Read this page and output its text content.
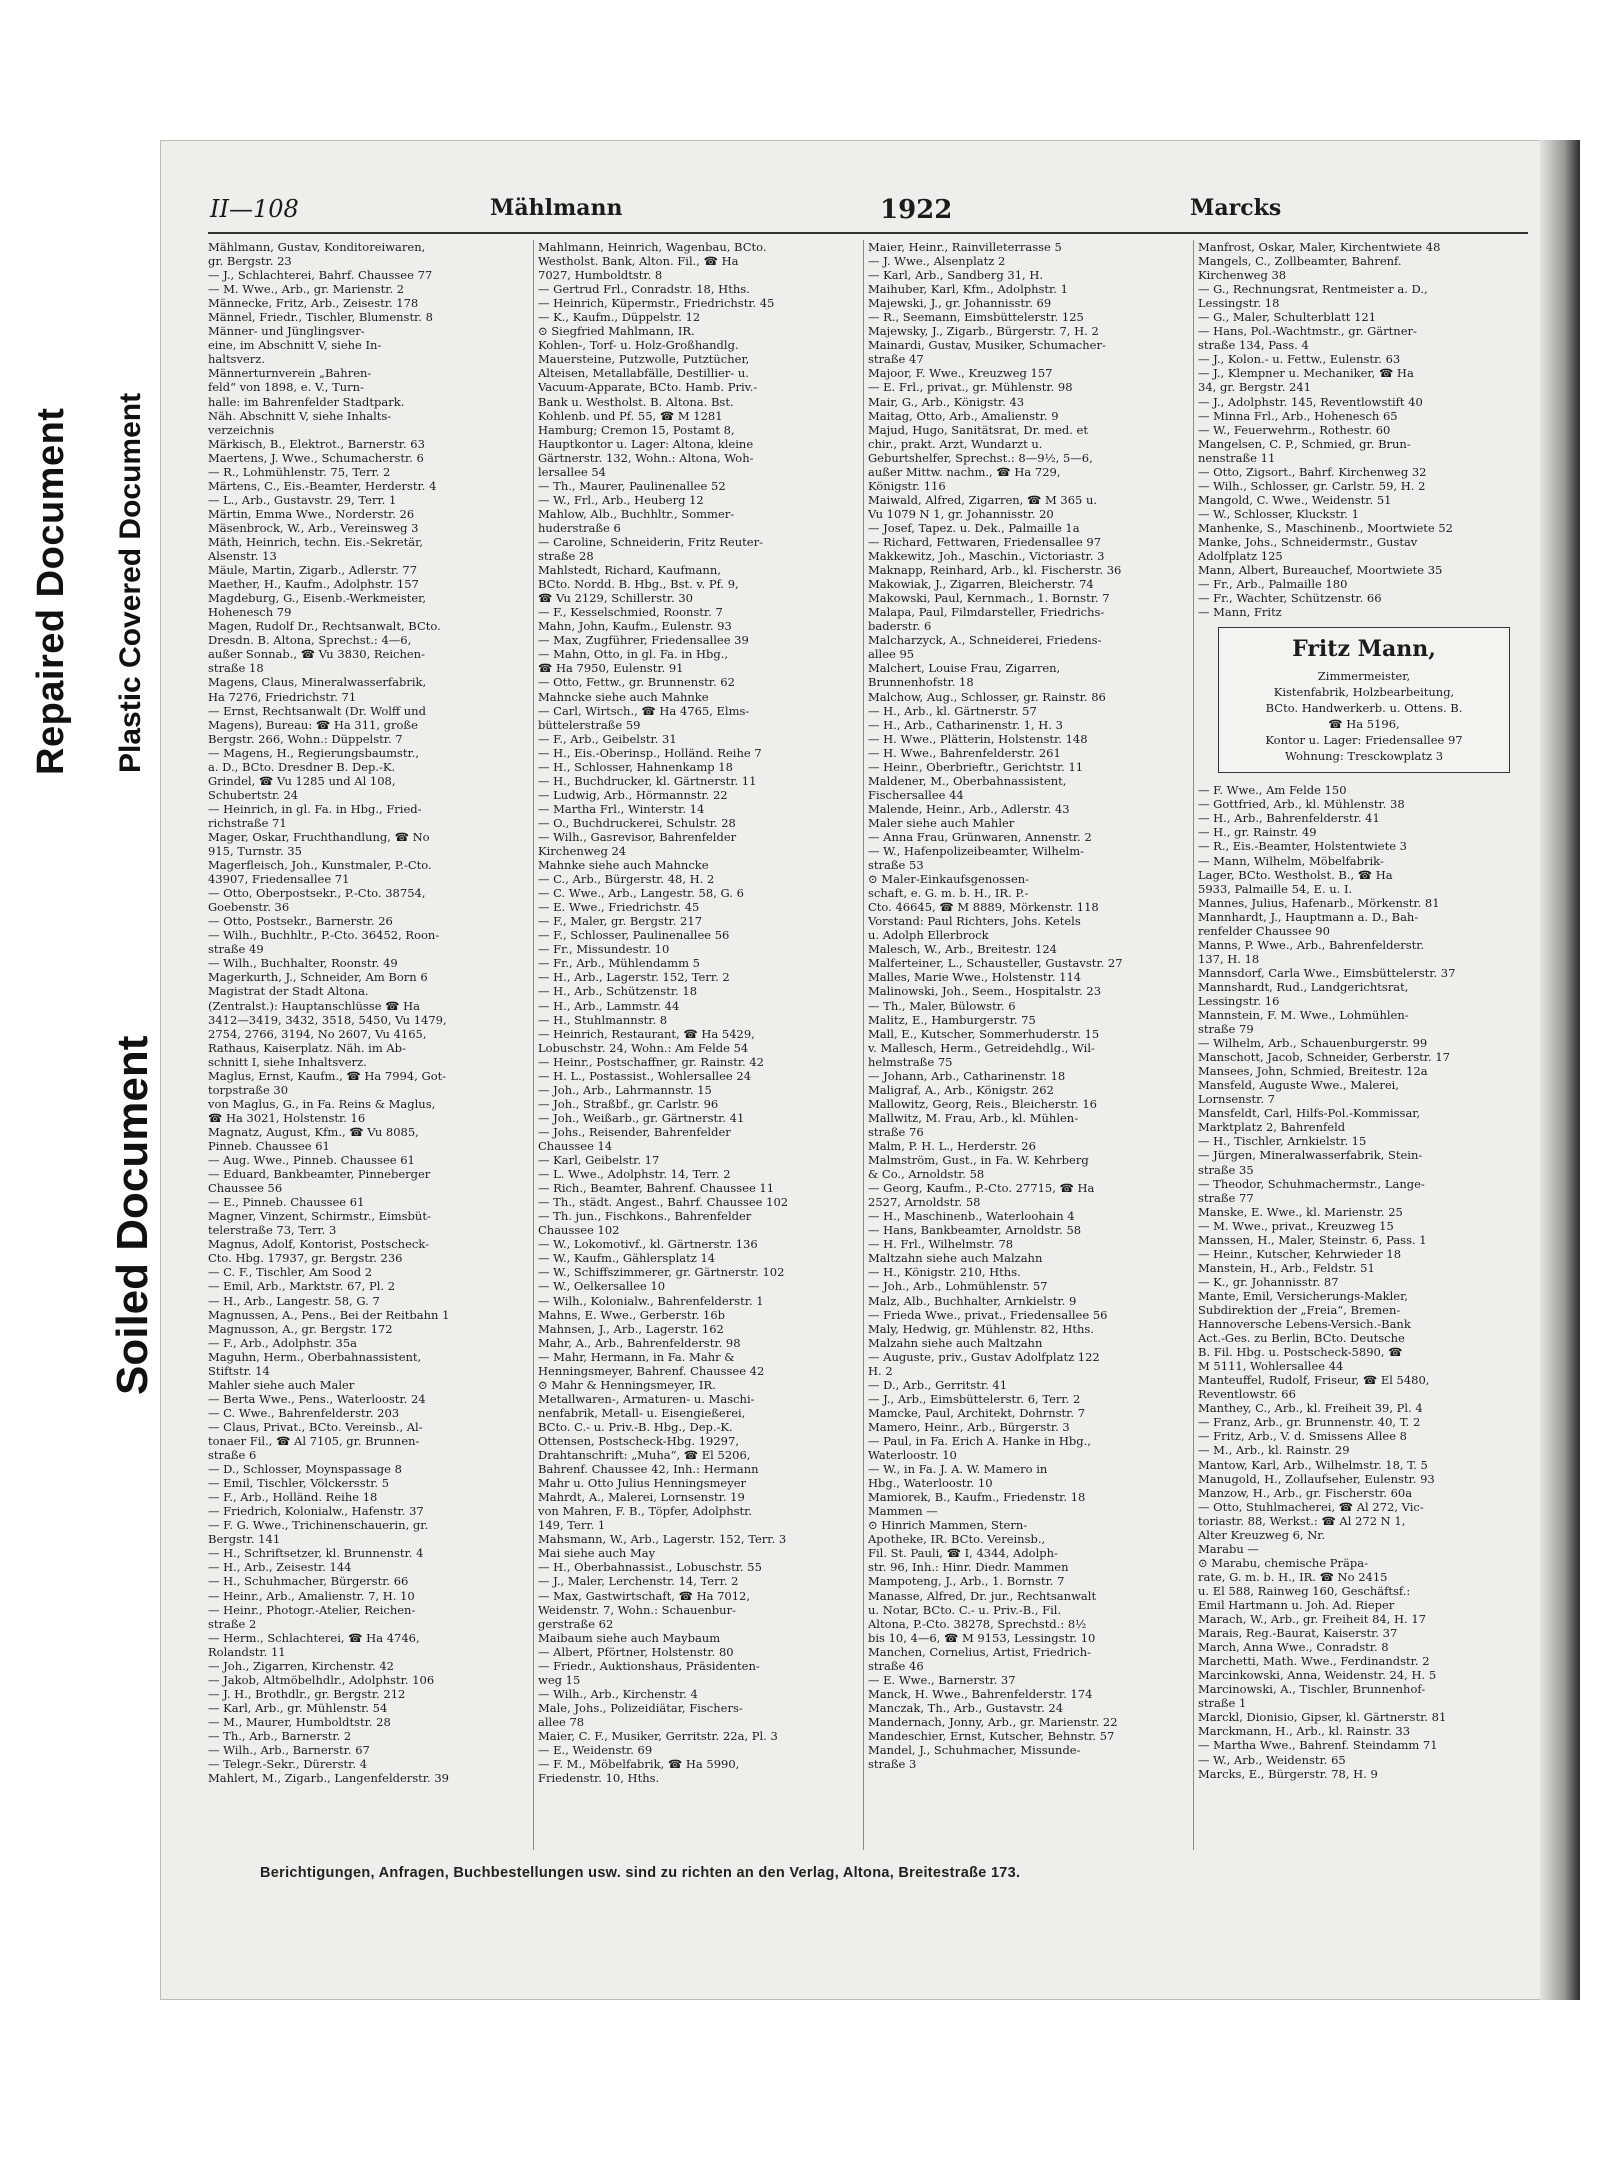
Repaired Document Plastic Covered Document
Soiled Document
II—108	Mählmann	1922	Marcks
Mählmann, Gustav, Konditoreiwaren,
gr. Bergstr. 23
— J., Schlachterei, Bahrf. Chaussee 77
— M. Wwe., Arb., gr. Marienstr. 2
Männecke, Fritz, Arb., Zeisestr. 178
Männel, Friedr., Tischler, Blumenstr. 8
Männer- und Jünglingsver-
eine, im Abschnitt V, siehe In-
haltsverz.
Männerturnverein „Bahren-
feld“ von 1898, e. V., Turn-
halle: im Bahrenfelder Stadtpark.
Näh. Abschnitt V, siehe Inhalts-
verzeichnis
Märkisch, B., Elektrot., Barnerstr. 63
Maertens, J. Wwe., Schumacherstr. 6
— R., Lohmühlenstr. 75, Terr. 2
Märtens, C., Eis.-Beamter, Herderstr. 4
— L., Arb., Gustavstr. 29, Terr. 1
Märtin, Emma Wwe., Norderstr. 26
Mäsenbrock, W., Arb., Vereinsweg 3
Mäth, Heinrich, techn. Eis.-Sekretär,
Alsenstr. 13
Mäule, Martin, Zigarb., Adlerstr. 77
Maether, H., Kaufm., Adolphstr. 157
Magdeburg, G., Eisenb.-Werkmeister,
Hohenesch 79
Magen, Rudolf Dr., Rechtsanwalt, BCto.
Dresdn. B. Altona, Sprechst.: 4—6,
außer Sonnab., ☎ Vu 3830, Reichen-
straße 18
Magens, Claus, Mineralwasserfabrik,
Ha 7276, Friedrichstr. 71
— Ernst, Rechtsanwalt (Dr. Wolff und
Magens), Bureau: ☎ Ha 311, große
Bergstr. 266, Wohn.: Düppelstr. 7
— Magens, H., Regierungsbaumstr.,
a. D., BCto. Dresdner B. Dep.-K.
Grindel, ☎ Vu 1285 und Al 108,
Schubertstr. 24
— Heinrich, in gl. Fa. in Hbg., Fried-
richstraße 71
Mager, Oskar, Fruchthandlung, ☎ No
915, Turnstr. 35
Magerfleisch, Joh., Kunstmaler, P.-Cto.
43907, Friedensallee 71
— Otto, Oberpostsekr., P.-Cto. 38754,
Goebenstr. 36
— Otto, Postsekr., Barnerstr. 26
— Wilh., Buchhltr., P.-Cto. 36452, Roon-
straße 49
— Wilh., Buchhalter, Roonstr. 49
Magerkurth, J., Schneider, Am Born 6
Magistrat der Stadt Altona.
(Zentralst.): Hauptanschlüsse ☎ Ha
3412—3419, 3432, 3518, 5450, Vu 1479,
2754, 2766, 3194, No 2607, Vu 4165,
Rathaus, Kaiserplatz. Näh. im Ab-
schnitt I, siehe Inhaltsverz.
Maglus, Ernst, Kaufm., ☎ Ha 7994, Got-
torpstraße 30
von Maglus, G., in Fa. Reins & Maglus,
☎ Ha 3021, Holstenstr. 16
Magnatz, August, Kfm., ☎ Vu 8085,
Pinneb. Chaussee 61
— Aug. Wwe., Pinneb. Chaussee 61
— Eduard, Bankbeamter, Pinneberger
Chaussee 56
— E., Pinneb. Chaussee 61
Magner, Vinzent, Schirmstr., Eimsbüt-
telerstraße 73, Terr. 3
Magnus, Adolf, Kontorist, Postscheck-
Cto. Hbg. 17937, gr. Bergstr. 236
— C. F., Tischler, Am Sood 2
— Emil, Arb., Marktstr. 67, Pl. 2
— H., Arb., Langestr. 58, G. 7
Magnussen, A., Pens., Bei der Reitbahn 1
Magnusson, A., gr. Bergstr. 172
— F., Arb., Adolphstr. 35a
Maguhn, Herm., Oberbahnassistent,
Stiftstr. 14
Mahler siehe auch Maler
— Berta Wwe., Pens., Waterloostr. 24
— C. Wwe., Bahrenfelderstr. 203
— Claus, Privat., BCto. Vereinsb., Al-
tonaer Fil., ☎ Al 7105, gr. Brunnen-
straße 6
— D., Schlosser, Moynspassage 8
— Emil, Tischler, Völckersstr. 5
— F., Arb., Holländ. Reihe 18
— Friedrich, Kolonialw., Hafenstr. 37
— F. G. Wwe., Trichinenschauerin, gr.
Bergstr. 141
— H., Schriftsetzer, kl. Brunnenstr. 4
— H., Arb., Zeisestr. 144
— H., Schuhmacher, Bürgerstr. 66
— Heinr., Arb., Amalienstr. 7, H. 10
— Heinr., Photogr.-Atelier, Reichen-
straße 2
— Herm., Schlachterei, ☎ Ha 4746,
Rolandstr. 11
— Joh., Zigarren, Kirchenstr. 42
— Jakob, Altmöbelhdlr., Adolphstr. 106
— J. H., Brothdlr., gr. Bergstr. 212
— Karl, Arb., gr. Mühlenstr. 54
— M., Maurer, Humboldtstr. 28
— Th., Arb., Barnerstr. 2
— Wilh., Arb., Barnerstr. 67
— Telegr.-Sekr., Dürerstr. 4
Mahlert, M., Zigarb., Langenfelderstr. 39
Mahlmann, Heinrich, Wagenbau, BCto.
Westholst. Bank, Alton. Fil., ☎ Ha
7027, Humboldtstr. 8
— Gertrud Frl., Conradstr. 18, Hths.
— Heinrich, Küpermstr., Friedrichstr. 45
— K., Kaufm., Düppelstr. 12
⊙ Siegfried Mahlmann, IR.
Kohlen-, Torf- u. Holz-Großhandlg.
Mauersteine, Putzwolle, Putztücher,
Alteisen, Metallabfälle, Destillier- u.
Vacuum-Apparate, BCto. Hamb. Priv.-
Bank u. Westholst. B. Altona. Bst.
Kohlenb. und Pf. 55, ☎ M 1281
Hamburg; Cremon 15, Postamt 8,
Hauptkontor u. Lager: Altona, kleine
Gärtnerstr. 132, Wohn.: Altona, Woh-
lersallee 54
— Th., Maurer, Paulinenallee 52
— W., Frl., Arb., Heuberg 12
Mahlow, Alb., Buchhltr., Sommer-
huderstraße 6
— Caroline, Schneiderin, Fritz Reuter-
straße 28
Mahlstedt, Richard, Kaufmann,
BCto. Nordd. B. Hbg., Bst. v. Pf. 9,
☎ Vu 2129, Schillerstr. 30
— F., Kesselschmied, Roonstr. 7
Mahn, John, Kaufm., Eulenstr. 93
— Max, Zugführer, Friedensallee 39
— Mahn, Otto, in gl. Fa. in Hbg.,
☎ Ha 7950, Eulenstr. 91
— Otto, Fettw., gr. Brunnenstr. 62
Mahncke siehe auch Mahnke
— Carl, Wirtsch., ☎ Ha 4765, Elms-
büttelerstraße 59
— F., Arb., Geibelstr. 31
— H., Eis.-Oberinsp., Holländ. Reihe 7
— H., Schlosser, Hahnenkamp 18
— H., Buchdrucker, kl. Gärtnerstr. 11
— Ludwig, Arb., Hörmannstr. 22
— Martha Frl., Winterstr. 14
— O., Buchdruckerei, Schulstr. 28
— Wilh., Gasrevisor, Bahrenfelder
Kirchenweg 24
Mahnke siehe auch Mahncke
— C., Arb., Bürgerstr. 48, H. 2
— C. Wwe., Arb., Langestr. 58, G. 6
— E. Wwe., Friedrichstr. 45
— F., Maler, gr. Bergstr. 217
— F., Schlosser, Paulinenallee 56
— Fr., Missundestr. 10
— Fr., Arb., Mühlendamm 5
— H., Arb., Lagerstr. 152, Terr. 2
— H., Arb., Schützenstr. 18
— H., Arb., Lammstr. 44
— H., Stuhlmannstr. 8
— Heinrich, Restaurant, ☎ Ha 5429,
Lobuschstr. 24, Wohn.: Am Felde 54
— Heinr., Postschaffner, gr. Rainstr. 42
— H. L., Postassist., Wohlersallee 24
— Joh., Arb., Lahrmannstr. 15
— Joh., Straßbf., gr. Carlstr. 96
— Joh., Weißarb., gr. Gärtnerstr. 41
— Johs., Reisender, Bahrenfelder
Chaussee 14
— Karl, Geibelstr. 17
— L. Wwe., Adolphstr. 14, Terr. 2
— Rich., Beamter, Bahrenf. Chaussee 11
— Th., städt. Angest., Bahrf. Chaussee 102
— Th. jun., Fischkons., Bahrenfelder
Chaussee 102
— W., Lokomotivf., kl. Gärtnerstr. 136
— W., Kaufm., Gählersplatz 14
— W., Schiffszimmerer, gr. Gärtnerstr. 102
— W., Oelkersallee 10
— Wilh., Kolonialw., Bahrenfelderstr. 1
Mahns, E. Wwe., Gerberstr. 16b
Mahnsen, J., Arb., Lagerstr. 162
Mahr, A., Arb., Bahrenfelderstr. 98
— Mahr, Hermann, in Fa. Mahr &
Henningsmeyer, Bahrenf. Chaussee 42
⊙ Mahr & Henningsmeyer, IR.
Metallwaren-, Armaturen- u. Maschi-
nenfabrik, Metall- u. Eisengießerei,
BCto. C.- u. Priv.-B. Hbg., Dep.-K.
Ottensen, Postscheck-Hbg. 19297,
Drahtanschrift: „Muha“, ☎ El 5206,
Bahrenf. Chaussee 42, Inh.: Hermann
Mahr u. Otto Julius Henningsmeyer
Mahrdt, A., Malerei, Lornsenstr. 19
von Mahren, F. B., Töpfer, Adolphstr.
149, Terr. 1
Mahsmann, W., Arb., Lagerstr. 152, Terr. 3
Mai siehe auch May
— H., Oberbahnassist., Lobuschstr. 55
— J., Maler, Lerchenstr. 14, Terr. 2
— Max, Gastwirtschaft, ☎ Ha 7012,
Weidenstr. 7, Wohn.: Schauenbur-
gerstraße 62
Maibaum siehe auch Maybaum
— Albert, Pförtner, Holstenstr. 80
— Friedr., Auktionshaus, Präsidenten-
weg 15
— Wilh., Arb., Kirchenstr. 4
Male, Johs., Polizeidiätar, Fischers-
allee 78
Maier, C. F., Musiker, Gerritstr. 22a, Pl. 3
— E., Weidenstr. 69
— F. M., Möbelfabrik, ☎ Ha 5990,
Friedenstr. 10, Hths.
Maier, Heinr., Rainvilleterrasse 5
— J. Wwe., Alsenplatz 2
— Karl, Arb., Sandberg 31, H.
Maihuber, Karl, Kfm., Adolphstr. 1
Majewski, J., gr. Johannisstr. 69
— R., Seemann, Eimsbüttelerstr. 125
Majewsky, J., Zigarb., Bürgerstr. 7, H. 2
Mainardi, Gustav, Musiker, Schumacher-
straße 47
Majoor, F. Wwe., Kreuzweg 157
— E. Frl., privat., gr. Mühlenstr. 98
Mair, G., Arb., Königstr. 43
Maitag, Otto, Arb., Amalienstr. 9
Majud, Hugo, Sanitätsrat, Dr. med. et
chir., prakt. Arzt, Wundarzt u.
Geburtshelfer, Sprechst.: 8—9½, 5—6,
außer Mittw. nachm., ☎ Ha 729,
Königstr. 116
Maiwald, Alfred, Zigarren, ☎ M 365 u.
Vu 1079 N 1, gr. Johannisstr. 20
— Josef, Tapez. u. Dek., Palmaille 1a
— Richard, Fettwaren, Friedensallee 97
Makkewitz, Joh., Maschin., Victoriastr. 3
Maknapp, Reinhard, Arb., kl. Fischerstr. 36
Makowiak, J., Zigarren, Bleicherstr. 74
Makowski, Paul, Kernmach., 1. Bornstr. 7
Malapa, Paul, Filmdarsteller, Friedrichs-
baderstr. 6
Malcharzyck, A., Schneiderei, Friedens-
allee 95
Malchert, Louise Frau, Zigarren,
Brunnenhofstr. 18
Malchow, Aug., Schlosser, gr. Rainstr. 86
— H., Arb., kl. Gärtnerstr. 57
— H., Arb., Catharinenstr. 1, H. 3
— H. Wwe., Plätterin, Holstenstr. 148
— H. Wwe., Bahrenfelderstr. 261
— Heinr., Oberbrieftr., Gerichtstr. 11
Maldener, M., Oberbahnassistent,
Fischersallee 44
Malende, Heinr., Arb., Adlerstr. 43
Maler siehe auch Mahler
— Anna Frau, Grünwaren, Annenstr. 2
— W., Hafenpolizeibeamter, Wilhelm-
straße 53
⊙ Maler-Einkaufsgenossen-
schaft, e. G. m. b. H., IR. P.-
Cto. 46645, ☎ M 8889, Mörkenstr. 118
Vorstand: Paul Richters, Johs. Ketels
u. Adolph Ellerbrock
Malesch, W., Arb., Breitestr. 124
Malferteiner, L., Schausteller, Gustavstr. 27
Malles, Marie Wwe., Holstenstr. 114
Malinowski, Joh., Seem., Hospitalstr. 23
— Th., Maler, Bülowstr. 6
Malitz, E., Hamburgerstr. 75
Mall, E., Kutscher, Sommerhuderstr. 15
v. Mallesch, Herm., Getreidehdlg., Wil-
helmstraße 75
— Johann, Arb., Catharinenstr. 18
Maligraf, A., Arb., Königstr. 262
Mallowitz, Georg, Reis., Bleicherstr. 16
Mallwitz, M. Frau, Arb., kl. Mühlen-
straße 76
Malm, P. H. L., Herderstr. 26
Malmström, Gust., in Fa. W. Kehrberg
& Co., Arnoldstr. 58
— Georg, Kaufm., P.-Cto. 27715, ☎ Ha
2527, Arnoldstr. 58
— H., Maschinenb., Waterloohain 4
— Hans, Bankbeamter, Arnoldstr. 58
— H. Frl., Wilhelmstr. 78
Maltzahn siehe auch Malzahn
— H., Königstr. 210, Hths.
— Joh., Arb., Lohmühlenstr. 57
Malz, Alb., Buchhalter, Arnkielstr. 9
— Frieda Wwe., privat., Friedensallee 56
Maly, Hedwig, gr. Mühlenstr. 82, Hths.
Malzahn siehe auch Maltzahn
— Auguste, priv., Gustav Adolfplatz 122
H. 2
— D., Arb., Gerritstr. 41
— J., Arb., Eimsbüttelerstr. 6, Terr. 2
Mamcke, Paul, Architekt, Dohrnstr. 7
Mamero, Heinr., Arb., Bürgerstr. 3
— Paul, in Fa. Erich A. Hanke in Hbg.,
Waterloostr. 10
— W., in Fa. J. A. W. Mamero in
Hbg., Waterloostr. 10
Mamiorek, B., Kaufm., Friedenstr. 18
Mammen —
⊙ Hinrich Mammen, Stern-
Apotheke, IR. BCto. Vereinsb.,
Fil. St. Pauli, ☎ I, 4344, Adolph-
str. 96, Inh.: Hinr. Diedr. Mammen
Mampoteng, J., Arb., 1. Bornstr. 7
Manasse, Alfred, Dr. jur., Rechtsanwalt
u. Notar, BCto. C.- u. Priv.-B., Fil.
Altona, P.-Cto. 38278, Sprechstd.: 8½
bis 10, 4—6, ☎ M 9153, Lessingstr. 10
Manchen, Cornelius, Artist, Friedrich-
straße 46
— E. Wwe., Barnerstr. 37
Manck, H. Wwe., Bahrenfelderstr. 174
Manczak, Th., Arb., Gustavstr. 24
Mandernach, Jonny, Arb., gr. Marienstr. 22
Mandeschier, Ernst, Kutscher, Behnstr. 57
Mandel, J., Schuhmacher, Missunde-
straße 3
Manfrost, Oskar, Maler, Kirchentwiete 48
Mangels, C., Zollbeamter, Bahrenf.
Kirchenweg 38
— G., Rechnungsrat, Rentmeister a. D.,
Lessingstr. 18
— G., Maler, Schulterblatt 121
— Hans, Pol.-Wachtmstr., gr. Gärtner-
straße 134, Pass. 4
— J., Kolon.- u. Fettw., Eulenstr. 63
— J., Klempner u. Mechaniker, ☎ Ha
34, gr. Bergstr. 241
— J., Adolphstr. 145, Reventlowstift 40
— Minna Frl., Arb., Hohenesch 65
— W., Feuerwehrm., Rothestr. 60
Mangelsen, C. P., Schmied, gr. Brun-
nenstraße 11
— Otto, Zigsort., Bahrf. Kirchenweg 32
— Wilh., Schlosser, gr. Carlstr. 59, H. 2
Mangold, C. Wwe., Weidenstr. 51
— W., Schlosser, Kluckstr. 1
Manhenke, S., Maschinenb., Moortwiete 52
Manke, Johs., Schneidermstr., Gustav
Adolfplatz 125
Mann, Albert, Bureauchef, Moortwiete 35
— Fr., Arb., Palmaille 180
— Fr., Wachter, Schützenstr. 66
— Mann, Fritz
Fritz Mann,
Zimmermeister,
Kistenfabrik, Holzbearbeitung,
BCto. Handwerkerb. u. Ottens. B.
☎ Ha 5196,
Kontor u. Lager: Friedensallee 97
Wohnung: Tresckowplatz 3
— F. Wwe., Am Felde 150
— Gottfried, Arb., kl. Mühlenstr. 38
— H., Arb., Bahrenfelderstr. 41
— H., gr. Rainstr. 49
— R., Eis.-Beamter, Holstentwiete 3
— Mann, Wilhelm, Möbelfabrik-
Lager, BCto. Westholst. B., ☎ Ha
5933, Palmaille 54, E. u. I.
Mannes, Julius, Hafenarb., Mörkenstr. 81
Mannhardt, J., Hauptmann a. D., Bah-
renfelder Chaussee 90
Manns, P. Wwe., Arb., Bahrenfelderstr.
137, H. 18
Mannsdorf, Carla Wwe., Eimsbüttelerstr. 37
Mannshardt, Rud., Landgerichtsrat,
Lessingstr. 16
Mannstein, F. M. Wwe., Lohmühlen-
straße 79
— Wilhelm, Arb., Schauenburgerstr. 99
Manschott, Jacob, Schneider, Gerberstr. 17
Mansees, John, Schmied, Breitestr. 12a
Mansfeld, Auguste Wwe., Malerei,
Lornsenstr. 7
Mansfeldt, Carl, Hilfs-Pol.-Kommissar,
Marktplatz 2, Bahrenfeld
— H., Tischler, Arnkielstr. 15
— Jürgen, Mineralwasserfabrik, Stein-
straße 35
— Theodor, Schuhmachermstr., Lange-
straße 77
Manske, E. Wwe., kl. Marienstr. 25
— M. Wwe., privat., Kreuzweg 15
Manssen, H., Maler, Steinstr. 6, Pass. 1
— Heinr., Kutscher, Kehrwieder 18
Manstein, H., Arb., Feldstr. 51
— K., gr. Johannisstr. 87
Mante, Emil, Versicherungs-Makler,
Subdirektion der „Freia“, Bremen-
Hannoversche Lebens-Versich.-Bank
Act.-Ges. zu Berlin, BCto. Deutsche
B. Fil. Hbg. u. Postscheck-5890, ☎
M 5111, Wohlersallee 44
Manteuffel, Rudolf, Friseur, ☎ El 5480,
Reventlowstr. 66
Manthey, C., Arb., kl. Freiheit 39, Pl. 4
— Franz, Arb., gr. Brunnenstr. 40, T. 2
— Fritz, Arb., V. d. Smissens Allee 8
— M., Arb., kl. Rainstr. 29
Mantow, Karl, Arb., Wilhelmstr. 18, T. 5
Manugold, H., Zollaufseher, Eulenstr. 93
Manzow, H., Arb., gr. Fischerstr. 60a
— Otto, Stuhlmacherei, ☎ Al 272, Vic-
toriastr. 88, Werkst.: ☎ Al 272 N 1,
Alter Kreuzweg 6, Nr.
Marabu —
⊙ Marabu, chemische Präpa-
rate, G. m. b. H., IR. ☎ No 2415
u. El 588, Rainweg 160, Geschäftsf.:
Emil Hartmann u. Joh. Ad. Rieper
Marach, W., Arb., gr. Freiheit 84, H. 17
Marais, Reg.-Baurat, Kaiserstr. 37
March, Anna Wwe., Conradstr. 8
Marchetti, Math. Wwe., Ferdinandstr. 2
Marcinkowski, Anna, Weidenstr. 24, H. 5
Marcinowski, A., Tischler, Brunnenhof-
straße 1
Marckl, Dionisio, Gipser, kl. Gärtnerstr. 81
Marckmann, H., Arb., kl. Rainstr. 33
— Martha Wwe., Bahrenf. Steindamm 71
— W., Arb., Weidenstr. 65
Marcks, E., Bürgerstr. 78, H. 9
Berichtigungen, Anfragen, Buchbestellungen usw. sind zu richten an den Verlag, Altona, Breitestraße 173.
